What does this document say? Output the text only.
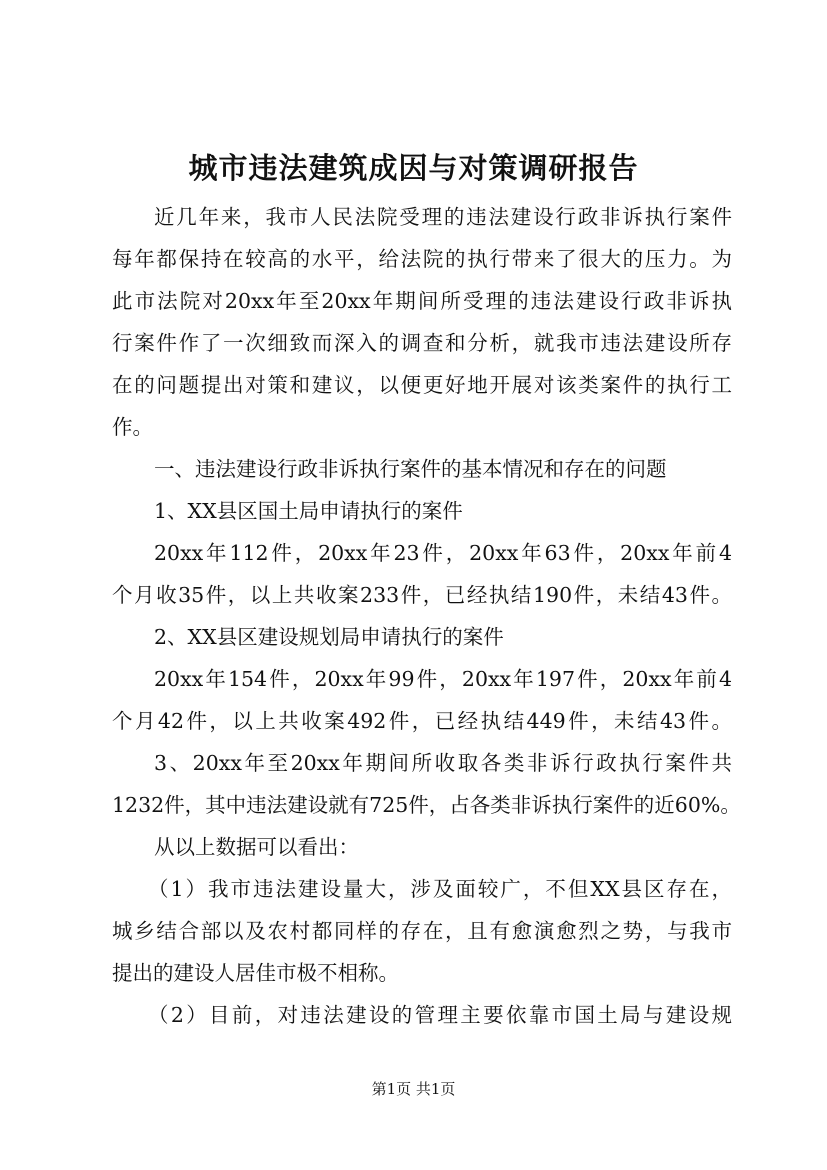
城市违法建筑成因与对策调研报告
近几年来，我市人民法院受理的违法建设行政非诉执行案件
每年都保持在较高的水平，给法院的执行带来了很大的压力。为
此市法院对20xx年至20xx年期间所受理的违法建设行政非诉执
行案件作了一次细致而深入的调查和分析，就我市违法建设所存
在的问题提出对策和建议，以便更好地开展对该类案件的执行工
作。
一、违法建设行政非诉执行案件的基本情况和存在的问题
1、XX县区国土局申请执行的案件
20xx年112件，20xx年23件，20xx年63件，20xx年前4
个月收35件，以上共收案233件，已经执结190件，未结43件。
2、XX县区建设规划局申请执行的案件
20xx年154件，20xx年99件，20xx年197件，20xx年前4
个月42件，以上共收案492件，已经执结449件，未结43件。
3、20xx年至20xx年期间所收取各类非诉行政执行案件共
1232件，其中违法建设就有725件，占各类非诉执行案件的近60%。
从以上数据可以看出：
（1）我市违法建设量大，涉及面较广，不但XX县区存在，
城乡结合部以及农村都同样的存在，且有愈演愈烈之势，与我市
提出的建设人居佳市极不相称。
（2）目前，对违法建设的管理主要依靠市国土局与建设规
第1页 共1页
